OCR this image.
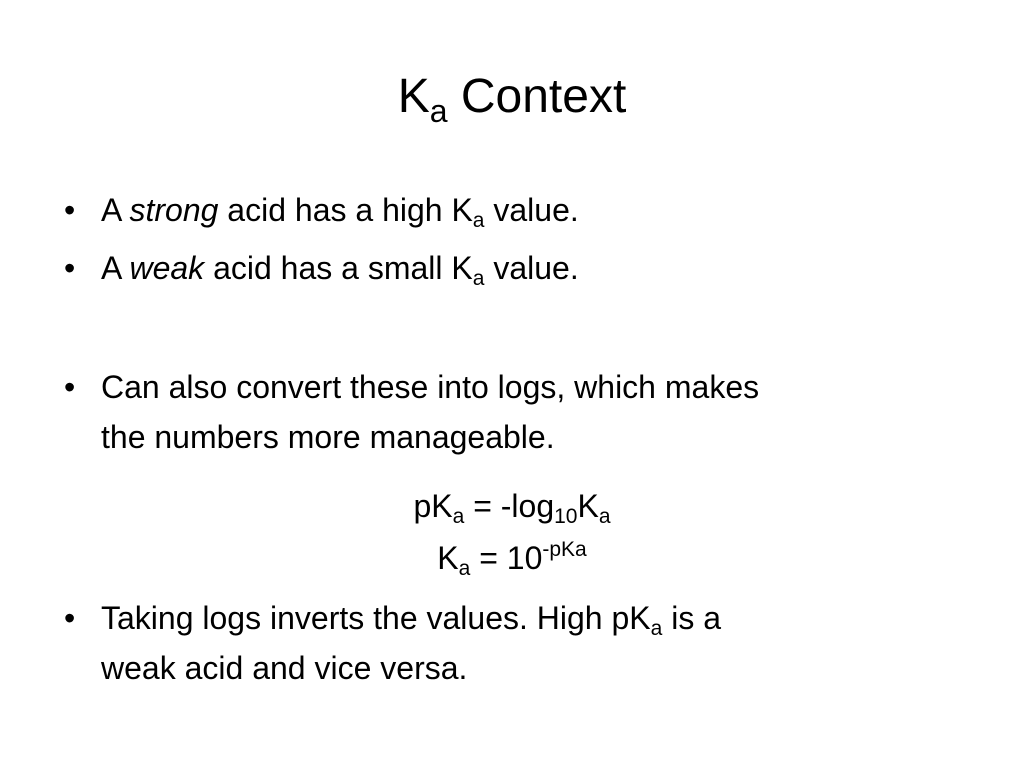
$K_a$ Context
• A strong acid has a high Ka value.
• A weak acid has a small Ka value.
• Can also convert these into logs, which makes
the numbers more manageable.
pKa = -log10Ka
$Ka = 10^{-pKa}$
• Taking logs inverts the values. High pKa is a
weak acid and vice versa.
